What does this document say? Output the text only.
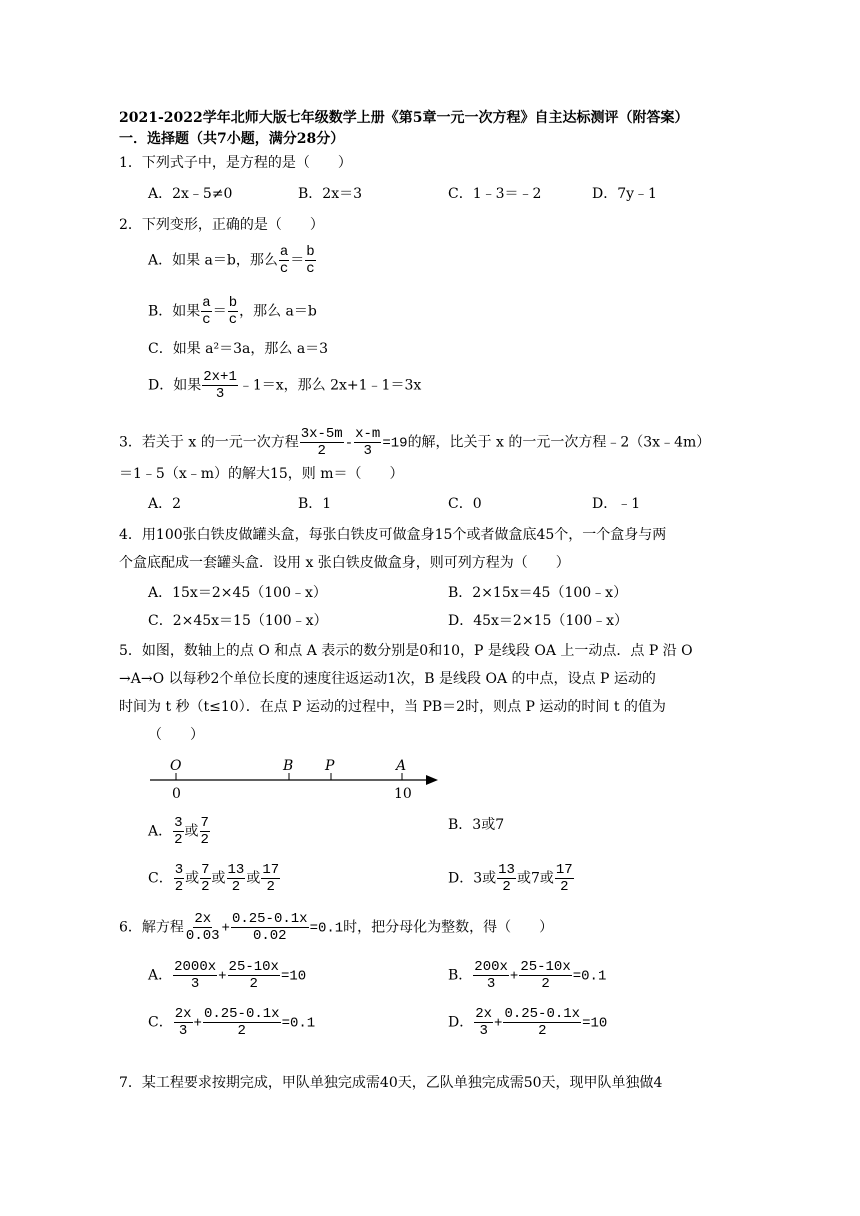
2021-2022学年北师大版七年级数学上册《第5章一元一次方程》自主达标测评（附答案）
一．选择题（共7小题，满分28分）
1．下列式子中，是方程的是（　　）
A．2x﹣5≠0	B．2x＝3	C．1﹣3＝﹣2	D．7y﹣1
2．下列变形，正确的是（　　）
A．如果 a＝b，那么 $\frac{a}{c} = \frac{b}{c}$
B．如果 $\frac{a}{c} = \frac{b}{c}$ ，那么 a＝b
C．如果 a²＝3a，那么 a＝3
D．如果 $\frac{2x+1}{3}$ ﹣1＝x，那么 2x+1﹣1＝3x
3．若关于 x 的一元一次方程 $\frac{3x-5m}{2} - \frac{x-m}{3} =19$的解，比关于 x 的一元一次方程﹣2（3x﹣4m）
＝1﹣5（x﹣m）的解大15，则 m＝（　　）
A．2	B．1	C．0	D．﹣1
4．用100张白铁皮做罐头盒，每张白铁皮可做盒身15个或者做盒底45个，一个盒身与两
个盒底配成一套罐头盒．设用 x 张白铁皮做盒身，则可列方程为（　　）
A．15x＝2×45（100﹣x）	B．2×15x＝45（100﹣x）
C．2×45x＝15（100﹣x）	D．45x＝2×15（100﹣x）
5．如图，数轴上的点 O 和点 A 表示的数分别是0和10，P 是线段 OA 上一动点．点 P 沿 O
→A→O 以每秒2个单位长度的速度往返运动1次，B 是线段 OA 的中点，设点 P 运动的
时间为 t 秒（t≤10）．在点 P 运动的过程中，当 PB＝2时，则点 P 运动的时间 t 的值为
（　　）
O	B P	A
0	10
A． $\frac{3}{2}$ 或 $\frac{7}{2}$	B．3或7
C． $\frac{3}{2}$ 或 $\frac{7}{2}$ 或 $\frac{13}{2}$ 或 $\frac{17}{2}$	D．3或 $\frac{13}{2}$ 或7或 $\frac{17}{2}$
6．解方程 $\frac{2x}{0.03} + \frac{0.25-0.1x}{0.02} =0.1$时，把分母化为整数，得（　　）
A． $\frac{2000x}{3} + \frac{25-10x}{2} =10$	B． $\frac{200x}{3} + \frac{25-10x}{2} =0.1$
C． $\frac{2x}{3} + \frac{0.25-0.1x}{2} =0.1$	D． $\frac{2x}{3} + \frac{0.25-0.1x}{2} =10$
7．某工程要求按期完成，甲队单独完成需40天，乙队单独完成需50天，现甲队单独做4
